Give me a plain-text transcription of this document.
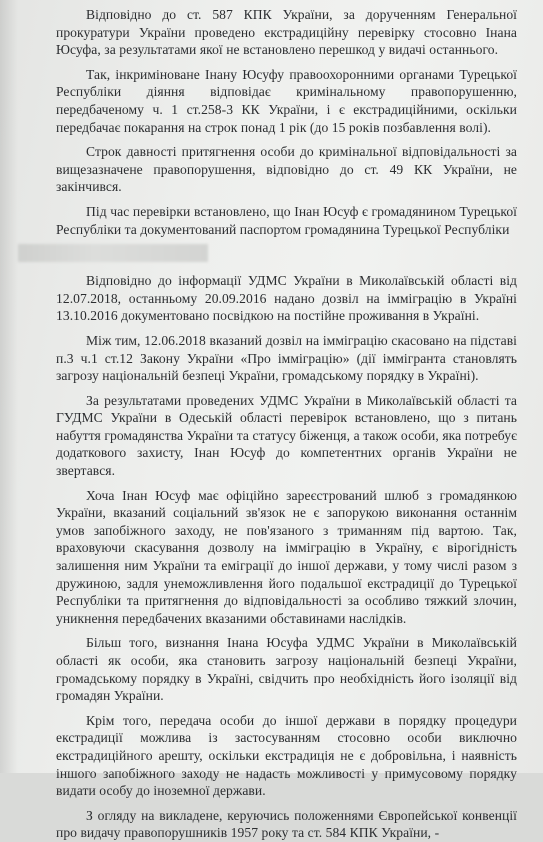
Відповідно до ст. 587 КПК України, за дорученням Генеральної прокуратури України проведено екстрадиційну перевірку стосовно Інана Юсуфа, за результатами якої не встановлено перешкод у видачі останнього.

Так, інкриміноване Інану Юсуфу правоохоронними органами Турецької Республіки діяння відповідає кримінальному правопорушенню, передбаченому ч. 1 ст.258-3 КК України, і є екстрадиційними, оскільки передбачає покарання на строк понад 1 рік (до 15 років позбавлення волі).

Строк давності притягнення особи до кримінальної відповідальності за вищезазначене правопорушення, відповідно до ст. 49 КК України, не закінчився.

Під час перевірки встановлено, що Інан Юсуф є громадянином Турецької Республіки та документований паспортом громадянина Турецької Республіки

Відповідно до інформації УДМС України в Миколаївській області від 12.07.2018, останньому 20.09.2016 надано дозвіл на імміграцію в Україні 13.10.2016 документовано посвідкою на постійне проживання в Україні.

Між тим, 12.06.2018 вказаний дозвіл на імміграцію скасовано на підставі п.3 ч.1 ст.12 Закону України «Про імміграцію» (дії іммігранта становлять загрозу національній безпеці України, громадському порядку в Україні).

За результатами проведених УДМС України в Миколаївській області та ГУДМС України в Одеській області перевірок встановлено, що з питань набуття громадянства України та статусу біженця, а також особи, яка потребує додаткового захисту, Інан Юсуф до компетентних органів України не звертався.

Хоча Інан Юсуф має офіційно зареєстрований шлюб з громадянкою України, вказаний соціальний зв'язок не є запорукою виконання останнім умов запобіжного заходу, не пов'язаного з триманням під вартою. Так, враховуючи скасування дозволу на імміграцію в Україну, є вірогідність залишення ним України та еміграції до іншої держави, у тому числі разом з дружиною, задля унеможливлення його подальшої екстрадиції до Турецької Республіки та притягнення до відповідальності за особливо тяжкий злочин, уникнення передбачених вказаними обставинами наслідків.

Більш того, визнання Інана Юсуфа УДМС України в Миколаївській області як особи, яка становить загрозу національній безпеці України, громадському порядку в Україні, свідчить про необхідність його ізоляції від громадян України.

Крім того, передача особи до іншої держави в порядку процедури екстрадиції можлива із застосуванням стосовно особи виключно екстрадиційного арешту, оскільки екстрадиція не є добровільна, і наявність іншого запобіжного заходу не надасть можливості у примусовому порядку видати особу до іноземної держави.

З огляду на викладене, керуючись положеннями Європейської конвенції про видачу правопорушників 1957 року та ст. 584 КПК України, -
